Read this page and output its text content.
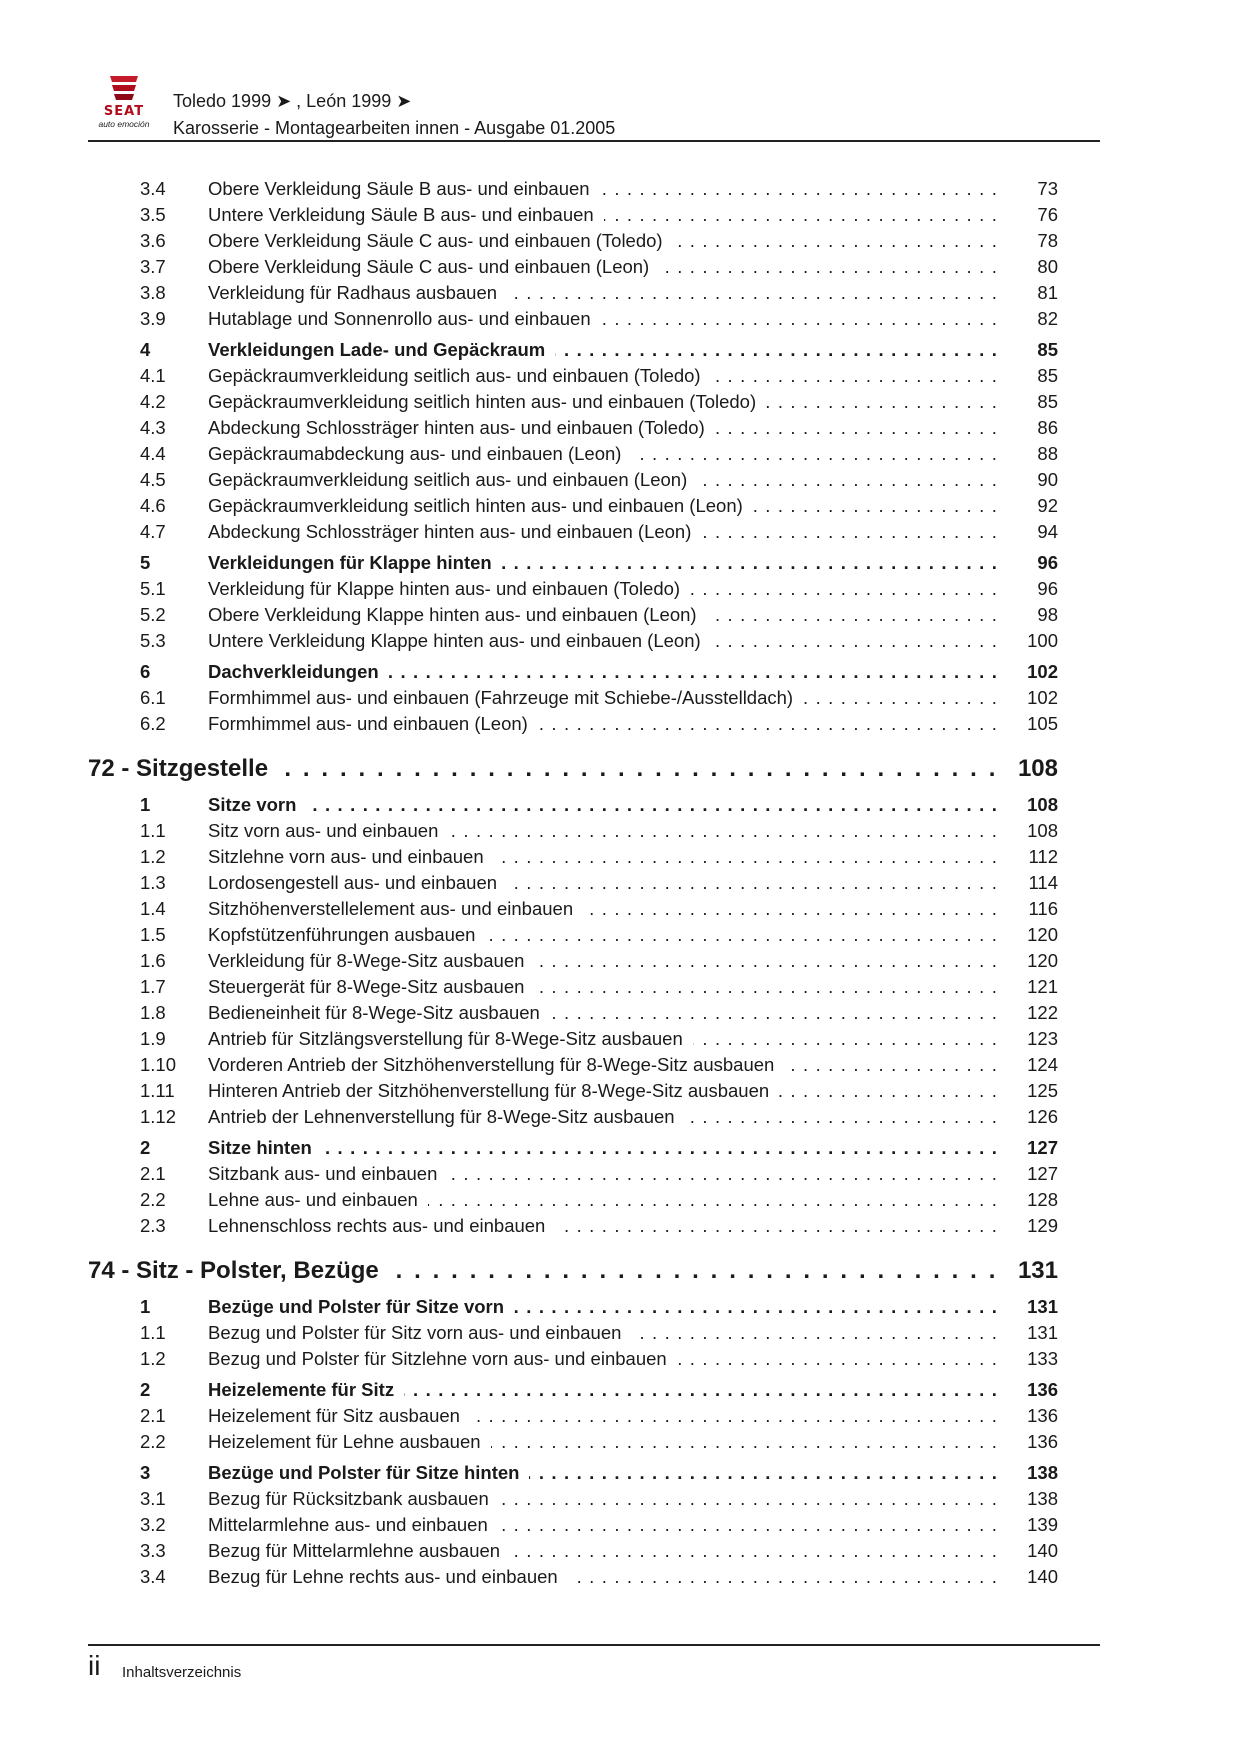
SEAT
auto emoción
Toledo 1999 ➤ , León 1999 ➤
Karosserie - Montagearbeiten innen - Ausgabe 01.2005
3.4 Obere Verkleidung Säule B aus- und einbauen . . .	73
3.5 Untere Verkleidung Säule B aus- und einbauen . . .	76
3.6 Obere Verkleidung Säule C aus- und einbauen (Toledo) . . .	78
3.7 Obere Verkleidung Säule C aus- und einbauen (Leon) . . .	80
3.8 Verkleidung für Radhaus ausbauen . . .	81
3.9 Hutablage und Sonnenrollo aus- und einbauen . . .	82
4	Verkleidungen Lade- und Gepäckraum . . .	85
4.1 Gepäckraumverkleidung seitlich aus- und einbauen (Toledo) . . .	85
4.2 Gepäckraumverkleidung seitlich hinten aus- und einbauen (Toledo) . . .	85
4.3 Abdeckung Schlossträger hinten aus- und einbauen (Toledo) . . .	86
4.4 Gepäckraumabdeckung aus- und einbauen (Leon) . . .	88
4.5 Gepäckraumverkleidung seitlich aus- und einbauen (Leon) . . .	90
4.6 Gepäckraumverkleidung seitlich hinten aus- und einbauen (Leon) . . .	92
4.7 Abdeckung Schlossträger hinten aus- und einbauen (Leon) . . .	94
5	Verkleidungen für Klappe hinten . . .	96
5.1 Verkleidung für Klappe hinten aus- und einbauen (Toledo) . . .	96
5.2 Obere Verkleidung Klappe hinten aus- und einbauen (Leon) . . .	98
5.3 Untere Verkleidung Klappe hinten aus- und einbauen (Leon) . . .	100
6	Dachverkleidungen . . .	102
6.1 Formhimmel aus- und einbauen (Fahrzeuge mit Schiebe-/Ausstelldach) . . .	102
6.2 Formhimmel aus- und einbauen (Leon) . . .	105
72 - Sitzgestelle . . .	108
1	Sitze vorn . . .	108
1.1 Sitz vorn aus- und einbauen . . .	108
1.2 Sitzlehne vorn aus- und einbauen . . .	112
1.3 Lordosengestell aus- und einbauen . . .	114
1.4 Sitzhöhenverstellelement aus- und einbauen . . .	116
1.5 Kopfstützenführungen ausbauen . . .	120
1.6 Verkleidung für 8-Wege-Sitz ausbauen . . .	120
1.7 Steuergerät für 8-Wege-Sitz ausbauen . . .	121
1.8 Bedieneinheit für 8-Wege-Sitz ausbauen . . .	122
1.9 Antrieb für Sitzlängsverstellung für 8-Wege-Sitz ausbauen . . .	123
1.10 Vorderen Antrieb der Sitzhöhenverstellung für 8-Wege-Sitz ausbauen . . .	124
1.11 Hinteren Antrieb der Sitzhöhenverstellung für 8-Wege-Sitz ausbauen . . .	125
1.12 Antrieb der Lehnenverstellung für 8-Wege-Sitz ausbauen . . .	126
2	Sitze hinten . . .	127
2.1 Sitzbank aus- und einbauen . . .	127
2.2 Lehne aus- und einbauen . . .	128
2.3 Lehnenschloss rechts aus- und einbauen . . .	129
74 - Sitz - Polster, Bezüge . . .	131
1	Bezüge und Polster für Sitze vorn . . .	131
1.1 Bezug und Polster für Sitz vorn aus- und einbauen . . .	131
1.2 Bezug und Polster für Sitzlehne vorn aus- und einbauen . . .	133
2	Heizelemente für Sitz . . .	136
2.1 Heizelement für Sitz ausbauen . . .	136
2.2 Heizelement für Lehne ausbauen . . .	136
3	Bezüge und Polster für Sitze hinten . . .	138
3.1 Bezug für Rücksitzbank ausbauen . . .	138
3.2 Mittelarmlehne aus- und einbauen . . .	139
3.3 Bezug für Mittelarmlehne ausbauen . . .	140
3.4 Bezug für Lehne rechts aus- und einbauen . . .	140
ii Inhaltsverzeichnis
